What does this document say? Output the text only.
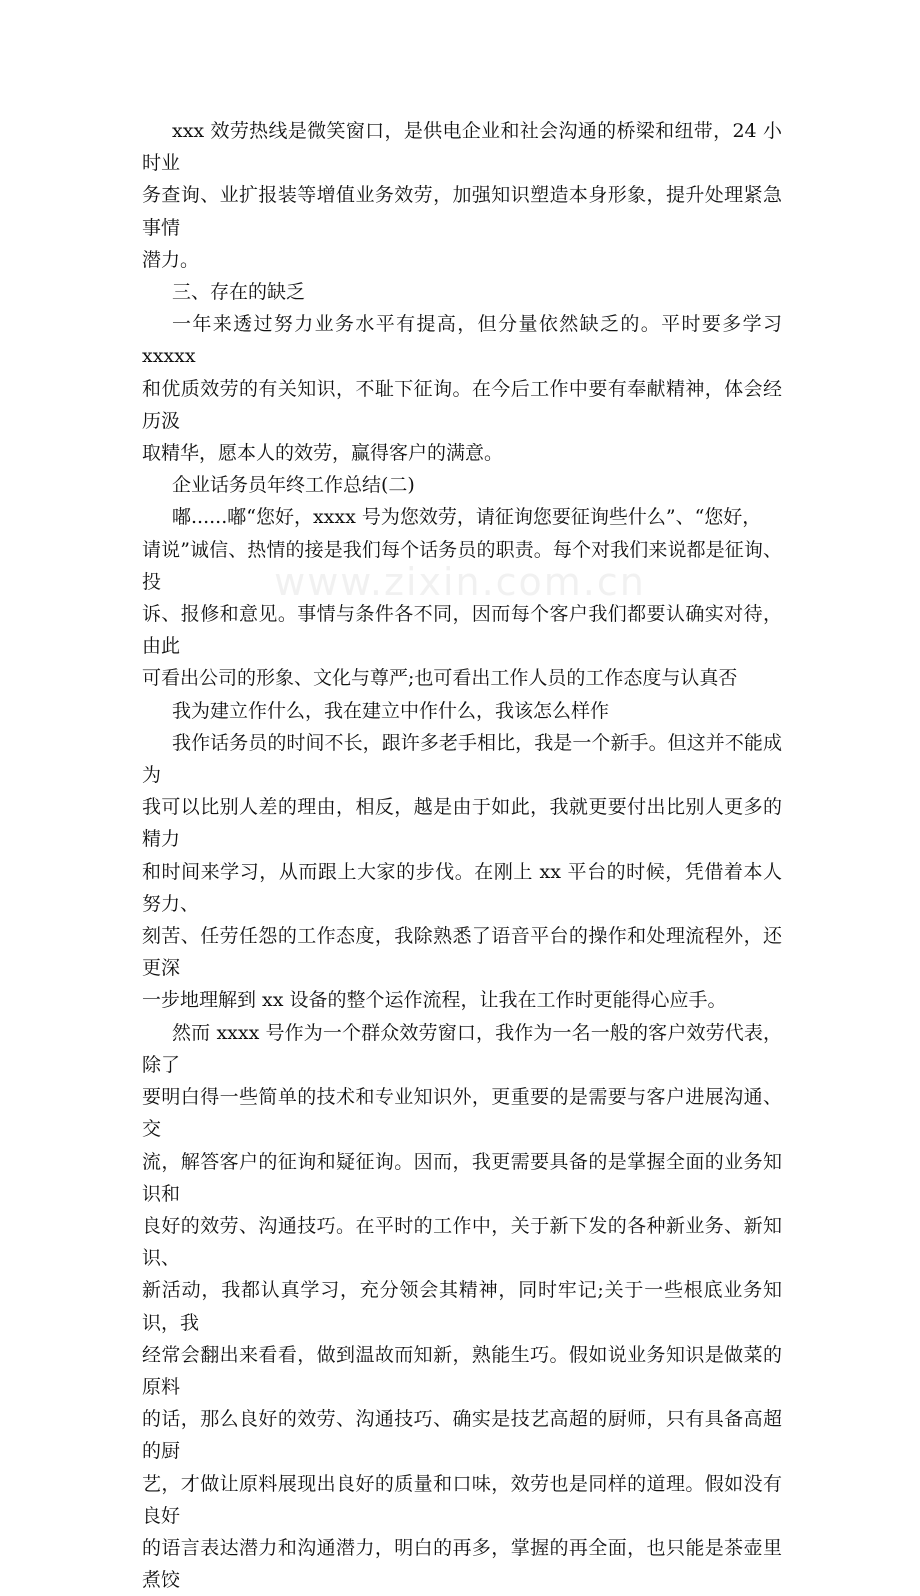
xxx 效劳热线是微笑窗口，是供电企业和社会沟通的桥梁和纽带，24 小时业
务查询、业扩报装等增值业务效劳，加强知识塑造本身形象，提升处理紧急事情
潜力。

三、存在的缺乏

一年来透过努力业务水平有提高，但分量依然缺乏的。平时要多学习 xxxxx
和优质效劳的有关知识，不耻下征询。在今后工作中要有奉献精神，体会经历汲
取精华，愿本人的效劳，赢得客户的满意。

企业话务员年终工作总结(二)

嘟......嘟“您好，xxxx 号为您效劳，请征询您要征询些什么”、“您好，
请说”诚信、热情的接是我们每个话务员的职责。每个对我们来说都是征询、投
诉、报修和意见。事情与条件各不同，因而每个客户我们都要认确实对待，由此
可看出公司的形象、文化与尊严;也可看出工作人员的工作态度与认真否

我为建立作什么，我在建立中作什么，我该怎么样作

我作话务员的时间不长，跟许多老手相比，我是一个新手。但这并不能成为
我可以比别人差的理由，相反，越是由于如此，我就更要付出比别人更多的精力
和时间来学习，从而跟上大家的步伐。在刚上 xx 平台的时候，凭借着本人努力、
刻苦、任劳任怨的工作态度，我除熟悉了语音平台的操作和处理流程外，还更深
一步地理解到 xx 设备的整个运作流程，让我在工作时更能得心应手。

然而 xxxx 号作为一个群众效劳窗口，我作为一名一般的客户效劳代表，除了
要明白得一些简单的技术和专业知识外，更重要的是需要与客户进展沟通、交
流，解答客户的征询和疑征询。因而，我更需要具备的是掌握全面的业务知识和
良好的效劳、沟通技巧。在平时的工作中，关于新下发的各种新业务、新知识、
新活动，我都认真学习，充分领会其精神，同时牢记;关于一些根底业务知识，我
经常会翻出来看看，做到温故而知新，熟能生巧。假如说业务知识是做菜的原料
的话，那么良好的效劳、沟通技巧、确实是技艺高超的厨师，只有具备高超的厨
艺，才做让原料展现出良好的质量和口味，效劳也是同样的道理。假如没有良好
的语言表达潜力和沟通潜力，明白的再多，掌握的再全面，也只能是茶壶里煮饺

www.zixin.com.cn
